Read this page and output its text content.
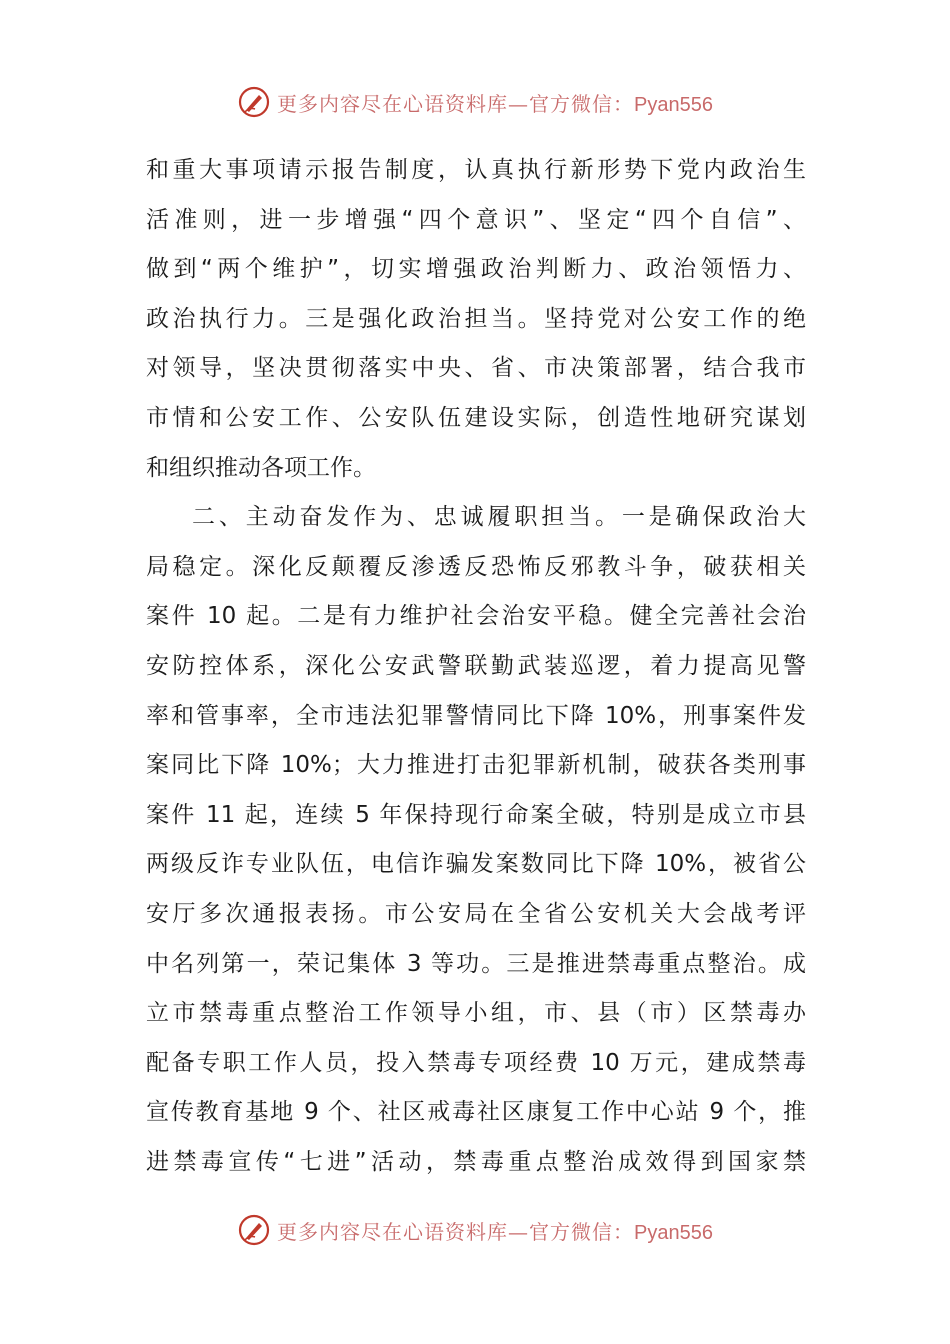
更多内容尽在心语资料库—官方微信：Pyan556
和重大事项请示报告制度，认真执行新形势下党内政治生
活准则，进一步增强“四个意识”、坚定“四个自信”、
做到“两个维护”，切实增强政治判断力、政治领悟力、
政治执行力。三是强化政治担当。坚持党对公安工作的绝
对领导，坚决贯彻落实中央、省、市决策部署，结合我市
市情和公安工作、公安队伍建设实际，创造性地研究谋划
和组织推动各项工作。
二、主动奋发作为、忠诚履职担当。一是确保政治大
局稳定。深化反颠覆反渗透反恐怖反邪教斗争，破获相关
案件 10 起。二是有力维护社会治安平稳。健全完善社会治
安防控体系，深化公安武警联勤武装巡逻，着力提高见警
率和管事率，全市违法犯罪警情同比下降 10%，刑事案件发
案同比下降 10%；大力推进打击犯罪新机制，破获各类刑事
案件 11 起，连续 5 年保持现行命案全破，特别是成立市县
两级反诈专业队伍，电信诈骗发案数同比下降 10%，被省公
安厅多次通报表扬。市公安局在全省公安机关大会战考评
中名列第一，荣记集体 3 等功。三是推进禁毒重点整治。成
立市禁毒重点整治工作领导小组，市、县（市）区禁毒办
配备专职工作人员，投入禁毒专项经费 10 万元，建成禁毒
宣传教育基地 9 个、社区戒毒社区康复工作中心站 9 个，推
进禁毒宣传“七进”活动，禁毒重点整治成效得到国家禁
更多内容尽在心语资料库—官方微信：Pyan556
